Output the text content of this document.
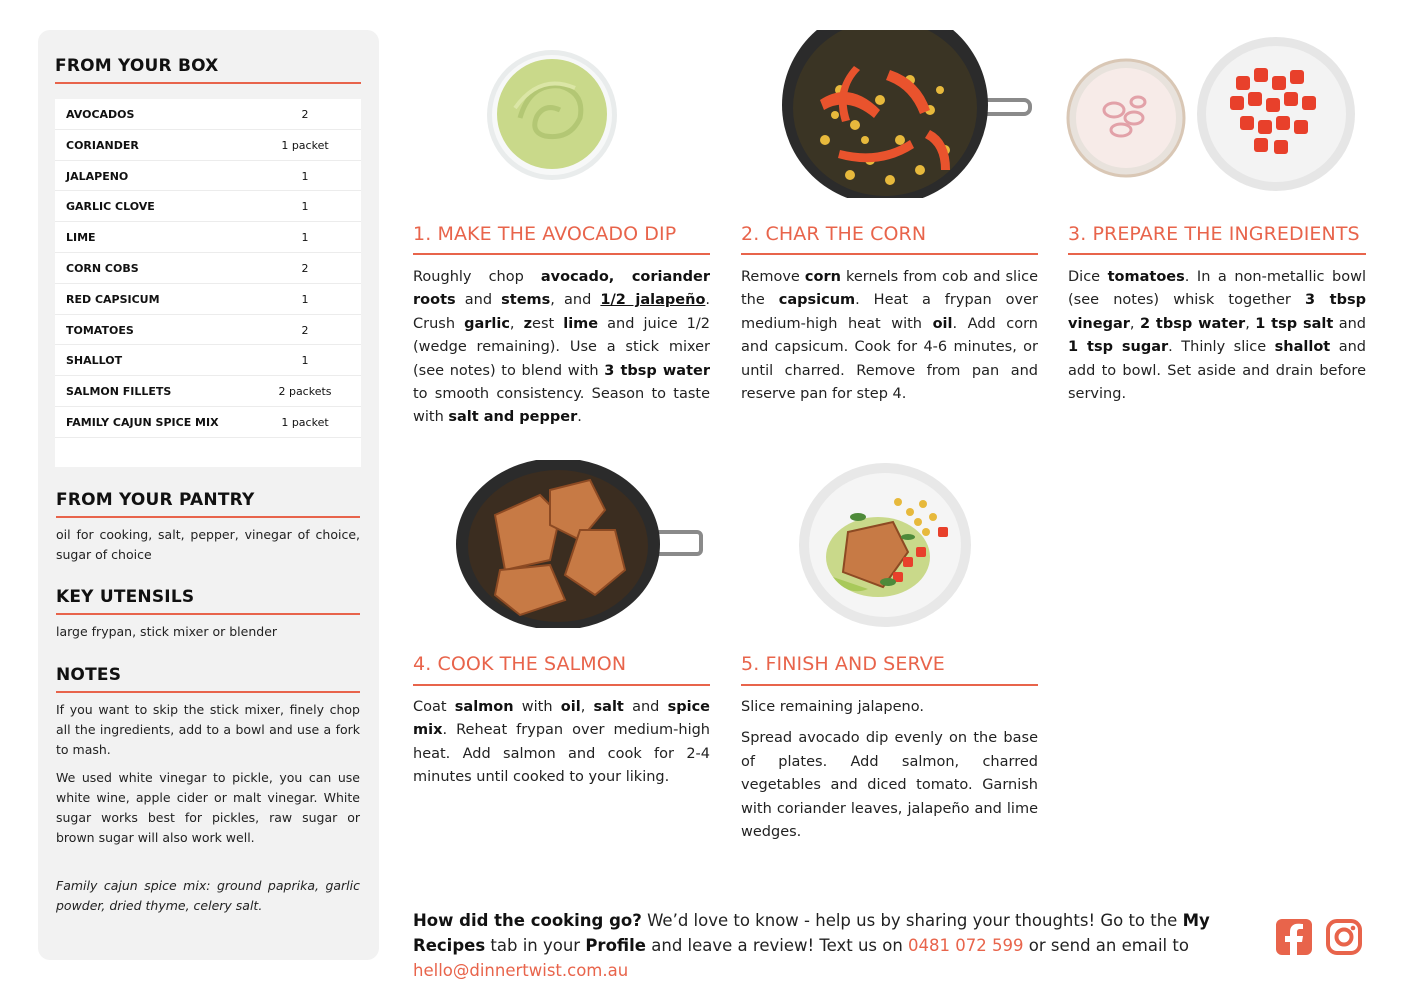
FROM YOUR BOX
AVOCADOS	2
CORIANDER	1 packet
JALAPENO	1
GARLIC CLOVE	1
LIME	1
CORN COBS	2
RED CAPSICUM	1
TOMATOES	2
SHALLOT	1
SALMON FILLETS	2 packets
FAMILY CAJUN SPICE MIX	1 packet
FROM YOUR PANTRY
oil for cooking, salt, pepper, vinegar of choice, sugar of choice
KEY UTENSILS
large frypan, stick mixer or blender
NOTES
If you want to skip the stick mixer, finely chop all the ingredients, add to a bowl and use a fork to mash.
We used white vinegar to pickle, you can use white wine, apple cider or malt vinegar. White sugar works best for pickles, raw sugar or brown sugar will also work well.
Family cajun spice mix: ground paprika, garlic powder, dried thyme, celery salt.
1. MAKE THE AVOCADO DIP
Roughly chop avocado, coriander roots and stems, and 1/2 jalapeño. Crush garlic, zest lime and juice 1/2 (wedge remaining). Use a stick mixer (see notes) to blend with 3 tbsp water to smooth consistency. Season to taste with salt and pepper.
2. CHAR THE CORN
Remove corn kernels from cob and slice the capsicum. Heat a frypan over medium-high heat with oil. Add corn and capsicum. Cook for 4-6 minutes, or until charred. Remove from pan and reserve pan for step 4.
3. PREPARE THE INGREDIENTS
Dice tomatoes. In a non-metallic bowl (see notes) whisk together 3 tbsp vinegar, 2 tbsp water, 1 tsp salt and 1 tsp sugar. Thinly slice shallot and add to bowl. Set aside and drain before serving.
4. COOK THE SALMON
Coat salmon with oil, salt and spice mix. Reheat frypan over medium-high heat. Add salmon and cook for 2-4 minutes until cooked to your liking.
5. FINISH AND SERVE

Slice remaining jalapeno.

Spread avocado dip evenly on the base of plates. Add salmon, charred vegetables and diced tomato. Garnish with coriander leaves, jalapeño and lime wedges.

How did the cooking go? We’d love to know - help us by sharing your thoughts! Go to the My Recipes tab in your Profile and leave a review! Text us on 0481 072 599 or send an email to hello@dinnertwist.com.au
